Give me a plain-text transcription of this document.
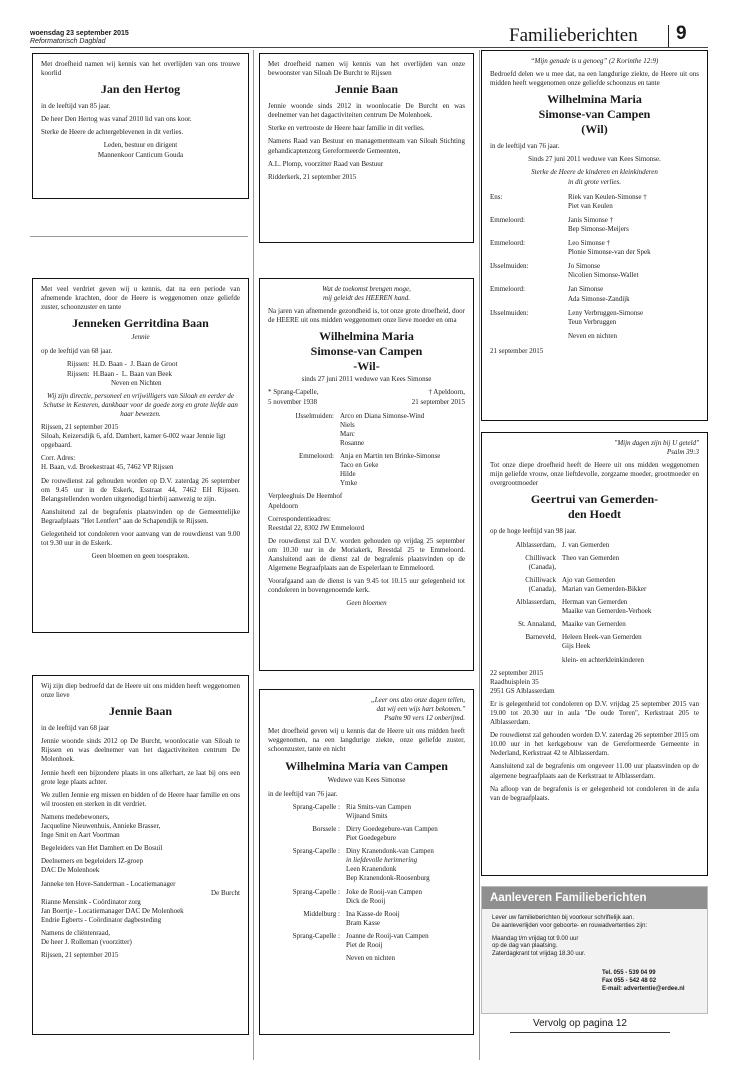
woensdag 23 september 2015
Reformatorisch Dagblad	Familieberichten 9

Met droefheid namen wij kennis van het overlijden van ons trouwe koorlid

Jan den Hertog

in de leeftijd van 85 jaar.

De heer Den Hertog was vanaf 2010 lid van ons koor.

Sterke de Heere de achtergeblevenen in dit verlies.

Leden, bestuur en dirigent

Mannenkoor Canticum Gouda

Met droefheid namen wij kennis van het overlijden van onze bewoonster van Siloah De Burcht te Rijssen

Jennie Baan

Jennie woonde sinds 2012 in woonlocatie De Burcht en was deelnemer van het dagactiviteiten centrum De Molenhoek.

Sterke en vertrooste de Heere haar familie in dit verlies.

Namens Raad van Bestuur en managementteam van Siloah Stichting gehandicaptenzorg Gereformeerde Gemeenten,

A.L. Plomp, voorzitter Raad van Bestuur

Ridderkerk, 21 september 2015

“Mijn genade is u genoeg” (2 Korinthe 12:9)

Bedroefd delen we u mee dat, na een langdurige ziekte, de Heere uit ons midden heeft weggenomen onze geliefde schoonzus en tante

Wilhelmina Maria
Simonse-van Campen
(Wil)

in de leeftijd van 76 jaar.

Sinds 27 juni 2011 weduwe van Kees Simonse.

Sterke de Heere de kinderen en kleinkinderen

in dit grote verlies.

Ens:	Riek van Keulen-Simonse †
Piet van Keulen
Emmeloord:	Janis Simonse †
Bep Simonse-Meijers
Emmeloord:	Leo Simonse †
Plonie Simonse-van der Spek
IJsselmuiden:	Jo Simonse
Nicolien Simonse-Wallet
Emmeloord:	Jan Simonse
Ada Simonse-Zandijk
IJsselmuiden:	Leny Verbruggen-Simonse
Teun Verbruggen
Neven en nichten

21 september 2015

Met veel verdriet geven wij u kennis, dat na een periode van afnemende krachten, door de Heere is weggenomen onze geliefde zuster, schoonzuster en tante

Jenneken Gerritdina Baan
Jennie

op de leeftijd van 68 jaar.

Rijssen:  H.D. Baan -  J. Baan de Groot

Rijssen:  H.Baan -  L. Baan van Beek

Neven en Nichten

Wij zijn directie, personeel en vrijwilligers van Siloah en eerder de Schutse in Kesteren, dankbaar voor de goede zorg en grote liefde aan haar bewezen.

Rijssen, 21 september 2015
Siloah, Keizersdijk 6, afd. Damhert, kamer 6-002 waar Jennie ligt opgebaard.

Corr. Adres:
H. Baan, v.d. Broekestraat 45, 7462 VP Rijssen

De rouwdienst zal gehouden worden op D.V. zaterdag 26 september om 9.45 uur in de Eskerk, Esstraat 44, 7462 EH Rijssen. Belangstellenden worden uitgenodigd hierbij aanwezig te zijn.

Aansluitend zal de begrafenis plaatsvinden op de Gemeentelijke Begraafplaats "Het Lentfert" aan de Schapendijk te Rijssen.

Gelegenheid tot condoleren voor aanvang van de rouwdienst van 9.00 tot 9.30 uur in de Eskerk.

Geen bloemen en geen toespraken.

Wat de toekomst brengen moge,

mij geleidt des HEEREN hand.

Na jaren van afnemende gezondheid is, tot onze grote droefheid, door de HEERE uit ons midden weggenomen onze lieve moeder en oma

Wilhelmina Maria
Simonse-van Campen
-Wil-

sinds 27 juni 2011 weduwe van Kees Simonse

* Sprang-Capelle,
5 november 1938
† Apeldoorn,
21 september 2015
IJsselmuiden: Arco en Diana Simonse-Wind
Niels
Marc
Rosanne
Emmeloord: Anja en Martin ten Brinke-Simonse
Taco en Geke
Hilde
Ymke

Verpleeghuis De Heemhof
Apeldoorn

Correspondentieadres:
Reestdal 22, 8302 JW Emmeloord

De rouwdienst zal D.V. worden gehouden op vrijdag 25 september om 10.30 uur in de Moriakerk, Reestdal 25 te Emmeloord. Aansluitend aan de dienst zal de begrafenis plaatsvinden op de Algemene Begraafplaats aan de Espelerlaan te Emmeloord.

Voorafgaand aan de dienst is van 9.45 tot 10.15 uur gelegenheid tot condoleren in bovengenoemde kerk.

Geen bloemen

"Mijn dagen zijn bij U geteld"

Psalm 39:3

Tot onze diepe droefheid heeft de Heere uit ons midden weggenomen mijn geliefde vrouw, onze lieftdevolle, zorgzame moeder, grootmoeder en overgrootmoeder

Geertrui van Gemerden-
den Hoedt

op de hoge leeftijd van 98 jaar.

Alblasserdam, J. van Gemerden
Chilliwack
(Canada),
Theo van Gemerden
Chilliwack
(Canada),
Ajo van Gemerden
Marian van Gemerden-Bikker
Alblasserdam, Herman van Gemerden
Maaike van Gemerden-Verhoek
St. Annaland, Maaike van Gemerden
Barneveld, Heleen Heek-van Gemerden
Gijs Heek
klein- en achterkleinkinderen

22 september 2015
Raadhuisplein 35
2951 GS Alblasserdam

Er is gelegenheid tot condoleren op D.V. vrijdag 25 september 2015 van 19.00 tot 20.30 uur in aula "De oude Toren", Kerkstraat 205 te Alblasserdam.

De rouwdienst zal gehouden worden D.V. zaterdag 26 september 2015 om 10.00 uur in het kerkgebouw van de Gereformeerde Gemeente in Nederland, Kerkstraat 42 te Alblasserdam.

Aansluitend zal de begrafenis om ongeveer 11.00 uur plaatsvinden op de algemene begraafplaats aan de Kerkstraat te Alblasserdam.

Na afloop van de begrafenis is er gelegenheid tot condoleren in de aula van de begraafplaats.

Wij zijn diep bedroefd dat de Heere uit ons midden heeft weggenomen onze lieve

Jennie Baan

in de leeftijd van 68 jaar

Jennie woonde sinds 2012 op De Burcht, woonlocatie van Siloah te Rijssen en was deelnemer van het dagactiviteiten centrum De Molenhoek.

Jennie heeft een bijzondere plaats in ons allerhart, ze laat bij ons een grote lege plaats achter.

We zullen Jennie erg missen en bidden of de Heere haar familie en ons wil troosten en sterken in dit verdriet.

Namens medebewoners,
Jacqueline Nieuwenhuis, Annieke Brasser,
Inge Smit en Aart Voortman

Begeleiders van Het Damhert en De Bosuil

Deelnemers en begeleiders IZ-groep
DAC De Molenhoek

Janneke ten Hove-Sanderman - Locatiemanager

De Burcht

Rianne Mensink - Coördinator zorg
Jan Boertje - Locatiemanager DAC De Molenhoek
Endrie Egberts - Coördinator dagbesteding

Namens de cliëntenraad,
De heer J. Rolleman (voorzitter)

Rijssen, 21 september 2015

„Leer ons alzo onze dagen tellen,

dat wij een wijs hart bekomen."

Psalm 90 vers 12 onberijmd.

Met droefheid geven wij u kennis dat de Heere uit ons midden heeft weggenomen, na een langdurige ziekte, onze geliefde zuster, schoonzuster, tante en nicht

Wilhelmina Maria van Campen
Weduwe van Kees Simonse

in de leeftijd van 76 jaar.

Sprang-Capelle : Ria Smits-van Campen
Wijnand Smits
Borssele : Dirry Goedegebure-van Campen
Piet Goedegebure
Sprang-Capelle : Diny Kranendonk-van Campen
in liefdevolle herinnering
Leen Kranendonk
Bep Kranendonk-Roosenburg
Sprang-Capelle : Joke de Rooij-van Campen
Dick de Rooij
Middelburg : Ina Kasse-de Rooij
Bram Kasse
Sprang-Capelle : Joanne de Rooij-van Campen
Piet de Rooij
Neven en nichten
Aanleveren Familieberichten
Lever uw familieberichten bij voorkeur schriftelijk aan.
De aanleverlijden voor geboorte- en rouwadvertenties zijn:
Maandag t/m vrijdag tot 9.00 uur
op de dag van plaatsing.
Zaterdagkrant tot vrijdag 18.30 uur.
Tel. 055 - 539 04 99
Fax 055 - 542 48 02
E-mail: advertentie@erdee.nl
Vervolg op pagina 12
